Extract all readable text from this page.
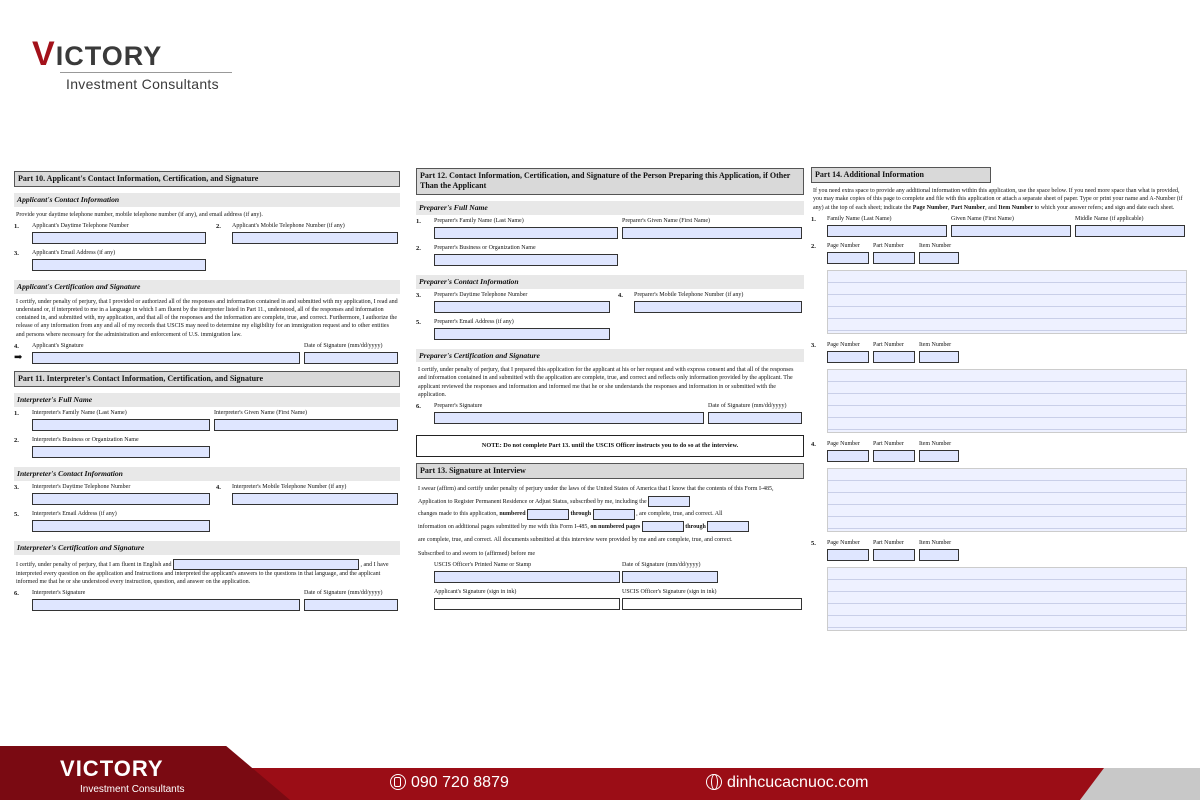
VICTORY
Investment Consultants
Part 10. Applicant's Contact Information, Certification, and Signature
Applicant's Contact Information
Provide your daytime telephone number, mobile telephone number (if any), and email address (if any).
1. Applicant's Daytime Telephone Number	2. Applicant's Mobile Telephone Number (if any)
3. Applicant's Email Address (if any)
Applicant's Certification and Signature
I certify, under penalty of perjury, that I provided or authorized all of the responses and information contained in and submitted with my application, I read and understand or, if interpreted to me in a language in which I am fluent by the interpreter listed in Part 11., understood, all of the responses and information contained in, and submitted with, my application, and that all of the responses and the information are complete, true, and correct. Furthermore, I authorize the release of any information from any and all of my records that USCIS may need to determine my eligibility for an immigration request and to other entities and persons where necessary for the administration and enforcement of U.S. immigration law.
4.
➡
Applicant's Signature	Date of Signature (mm/dd/yyyy)
Part 11. Interpreter's Contact Information, Certification, and Signature
Interpreter's Full Name
1. Interpreter's Family Name (Last Name)	Interpreter's Given Name (First Name)
2. Interpreter's Business or Organization Name
Interpreter's Contact Information
3. Interpreter's Daytime Telephone Number	4. Interpreter's Mobile Telephone Number (if any)
5. Interpreter's Email Address (if any)
Interpreter's Certification and Signature
I certify, under penalty of perjury, that I am fluent in English and	, and I have interpreted every question on the application and Instructions and interpreted the applicant's answers to the questions in that language, and the applicant informed me that he or she understood every instruction, question, and answer on the application.
6. Interpreter's Signature	Date of Signature (mm/dd/yyyy)
Part 12. Contact Information, Certification, and Signature of the Person Preparing this Application, if Other Than the Applicant
Preparer's Full Name
1. Preparer's Family Name (Last Name)	Preparer's Given Name (First Name)
2. Preparer's Business or Organization Name
Preparer's Contact Information
3. Preparer's Daytime Telephone Number	4. Preparer's Mobile Telephone Number (if any)
5. Preparer's Email Address (if any)
Preparer's Certification and Signature
I certify, under penalty of perjury, that I prepared this application for the applicant at his or her request and with express consent and that all of the responses and information contained in and submitted with the application are complete, true, and correct and reflects only information provided by the applicant. The applicant reviewed the responses and information and informed me that he or she understands the responses and information in or submitted with the application.
6. Preparer's Signature	Date of Signature (mm/dd/yyyy)
NOTE: Do not complete Part 13. until the USCIS Officer instructs you to do so at the interview.
Part 13. Signature at Interview
I swear (affirm) and certify under penalty of perjury under the laws of the United States of America that I know that the contents of this Form I-485, Application to Register Permanent Residence or Adjust Status, subscribed by me, including the
changes made to this application, numbered	through	, are complete, true, and correct. All
information on additional pages submitted by me with this Form I-485, on numbered pages	through
are complete, true, and correct. All documents submitted at this interview were provided by me and are complete, true, and correct.
Subscribed to and sworn to (affirmed) before me
USCIS Officer's Printed Name or Stamp	Date of Signature (mm/dd/yyyy)
Applicant's Signature (sign in ink)	USCIS Officer's Signature (sign in ink)
Part 14. Additional Information
If you need extra space to provide any additional information within this application, use the space below. If you need more space than what is provided, you may make copies of this page to complete and file with this application or attach a separate sheet of paper. Type or print your name and A-Number (if any) at the top of each sheet; indicate the Page Number, Part Number, and Item Number to which your answer refers; and sign and date each sheet.
1. Family Name (Last Name)	Given Name (First Name)	Middle Name (if applicable)
2. Page Number	Part Number	Item Number
3. Page Number	Part Number	Item Number
4. Page Number	Part Number	Item Number
5. Page Number	Part Number	Item Number
VICTORY
Investment Consultants	090 720 8879	dinhcucacnuoc.com
